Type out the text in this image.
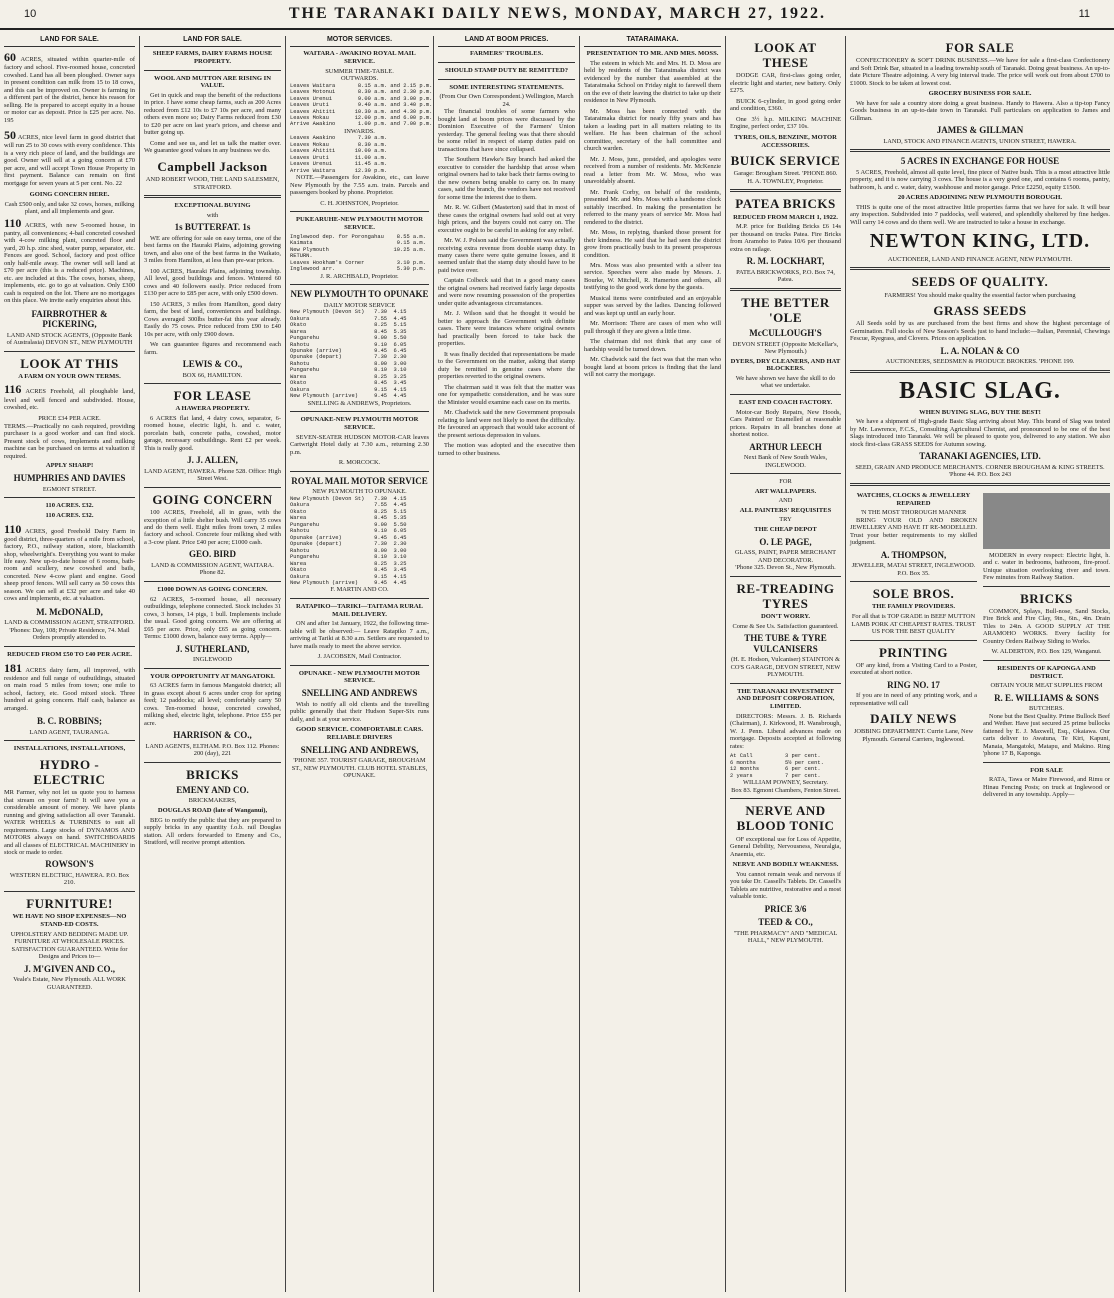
10	THE TARANAKI DAILY NEWS, MONDAY, MARCH 27, 1922.	11
LAND FOR SALE.
60 ACRES, situated within quarter-mile of factory and school. Five-roomed house, concreted cowshed. Land has all been ploughed. Owner says in present condition can milk from 15 to 18 cows, and this can be improved on. Owner is farming in a different part of the district, hence his reason for selling. He is prepared to accept equity in a house or motor car as deposit. Price is £25 per acre. No. 195
50 ACRES, nice level farm in good district that will run 25 to 30 cows with every confidence. This is a very rich piece of land, and the buildings are good. Owner will sell at a going concern at £70 per acre, and will accept Town House Property in first payment. Balance can remain on first mortgage for seven years at 5 per cent. No. 22
GOING CONCERN HERE.
Cash £500 only, and take 32 cows, horses, milking plant, and all implements and gear.
110 ACRES, with new 5-roomed house, in pantry, all conveniences; 4-bail concreted cowshed with 4-cow milking plant, concreted floor and yard, 20 h.p. zinc shed, water pump, separator, etc. Fences are good. School, factory and post office only half-mile away. The owner will sell land at £70 per acre (this is a reduced price). Machines, etc. are included at this. The cows, horses, sheep, implements, etc. go to go at valuation. Only £300 cash is required on the lot. There are no mortgages on this place. We invite early enquiries about this.
FAIRBROTHER & PICKERING,
LAND AND STOCK AGENTS, (Opposite Bank of Australasia) DEVON ST., NEW PLYMOUTH
LOOK AT THIS
A FARM ON YOUR OWN TERMS.
116 ACRES Freehold, all ploughable land, level and well fenced and subdivided. House, cowshed, etc.
PRICE £34 PER ACRE.
TERMS.—Practically no cash required, providing purchaser is a good worker and can find stock. Present stock of cows, implements and milking machine can be purchased on terms at valuation if required.
APPLY SHARP!
HUMPHRIES AND DAVIES
EGMONT STREET.
110 ACRES. £32.
110 ACRES. £32.
110 ACRES, good Freehold Dairy Farm in good district, three-quarters of a mile from school, factory, P.O., railway station, store, blacksmith shop, wheelwright's. Everything you want to make life easy. New up-to-date house of 6 rooms, bath-room and scullery, new cowshed and bails, concreted. New 4-cow plant and engine. Good sheep proof fences. Will sell carry as 50 cows this season. We can sell at £32 per acre and take 40 cows and implements, etc. at valuation.
M. McDONALD,
LAND & COMMISSION AGENT, STRATFORD.
'Phones: Day, 108; Private Residence, 74. Mail Orders promptly attended to.
REDUCED FROM £50 TO £40 PER ACRE.
181 ACRES dairy farm, all improved, with residence and full range of outbuildings, situated on main road 5 miles from town; one mile to school, factory, etc. Good mixed stock. Three hundred at going concern. Half cash, balance as arranged.
B. C. ROBBINS;
LAND AGENT, TAURANGA.
INSTALLATIONS, INSTALLATIONS,
HYDRO - ELECTRIC
MR Farmer, why not let us quote you to harness that stream on your farm? It will save you a considerable amount of money. We have plants running and giving satisfaction all over Taranaki. WATER WHEELS & TURBINES to suit all requirements. Large stocks of DYNAMOS AND MOTORS always on hand. SWITCHBOARDS and all classes of ELECTRICAL MACHINERY in stock or made to order.
ROWSON'S
WESTERN ELECTRIC, HAWERA. P.O. Box 210.
FURNITURE!
WE HAVE NO SHOP EXPENSES—NO STAND-ED COSTS.
UPHOLSTERY AND BEDDING MADE UP. FURNITURE AT WHOLESALE PRICES. SATISFACTION GUARANTEED. Write for Designs and Prices to—
J. M'GIVEN AND CO.,
Veale's Estate, New Plymouth. ALL WORK GUARANTEED.
LAND FOR SALE.
SHEEP FARMS, DAIRY FARMS HOUSE PROPERTY.
WOOL AND MUTTON ARE RISING IN VALUE.
Get in quick and reap the benefit of the reductions in price. I have some cheap farms, such as 200 Acres reduced from £12 10s to £7 10s per acre, and many others even more so; Dairy Farms reduced from £30 to £20 per acre on last year's prices, and cheese and butter going up.
Come and see us, and let us talk the matter over. We guarantee good values in any business we do.
Campbell Jackson
AND ROBERT WOOD, THE LAND SALESMEN, STRATFORD.
EXCEPTIONAL BUYING
with
1s BUTTERFAT. 1s
WE are offering for sale on easy terms, one of the best farms on the Hauraki Plains, adjoining growing town, and also one of the best farms in the Waikato, 3 miles from Hamilton, at less than pre-war prices.
100 ACRES, Hauraki Plains, adjoining township. All level, good buildings and fences. Wintered 60 cows and 40 followers easily. Price reduced from £130 per acre to £85 per acre, with only £500 down.
150 ACRES, 3 miles from Hamilton, good dairy farm, the best of land, conveniences and buildings. Cows averaged 300lbs butter-fat this year already. Easily do 75 cows. Price reduced from £90 to £40 10s per acre, with only £900 down.
We can guarantee figures and recommend each farm.
LEWIS & CO.,
BOX 66, HAMILTON.
FOR LEASE
A HAWERA PROPERTY.
6 ACRES flat land, 4 dairy cows, separator, 6-roomed house, electric light, h. and c. water, porcelain bath, concrete paths, cowshed, motor garage, necessary outbuildings. Rent £2 per week. This is really good.
J. J. ALLEN,
LAND AGENT, HAWERA. Phone 528. Office: High Street West.
GOING CONCERN
100 ACRES, Freehold, all in grass, with the exception of a little shelter bush. Will carry 35 cows and do them well. Eight miles from town, 2 miles factory and school. Concrete four milking shed with a 3-cow plant. Price £40 per acre; £1000 cash.
GEO. BIRD
LAND & COMMISSION AGENT, WAITARA. Phone 82.
£1000 DOWN AS GOING CONCERN.
62 ACRES, 5-roomed house, all necessary outbuildings, telephone connected. Stock includes 31 cows, 3 horses, 14 pigs, 1 bull. Implements include the usual. Good going concern. We are offering at £65 per acre. Price, only £65 as going concern. Terms: £1000 down, balance easy terms. Apply—
J. SUTHERLAND,
INGLEWOOD
YOUR OPPORTUNITY AT MANGATOKI.
63 ACRES farm in famous Mangatoki district; all in grass except about 6 acres under crop for spring feed; 12 paddocks; all level; comfortably carry 50 cows. Ten-roomed house, concreted cowshed, milking shed, electric light, telephone. Price £55 per acre.
HARRISON & CO.,
LAND AGENTS, ELTHAM. P.O. Box 112. Phones: 200 (day), 221
BRICKS
EMENY AND CO.
BRICKMAKERS,
DOUGLAS ROAD (late of Wanganui),
BEG to notify the public that they are prepared to supply bricks in any quantity f.o.b. rail Douglas station. All orders forwarded to Emeny and Co., Stratford, will receive prompt attention.
MOTOR SERVICES.
WAITARA - AWAKINO ROYAL MAIL SERVICE.
SUMMER TIME-TABLE.
OUTWARDS.
Leaves Waitara       8.15 a.m. and 2.15 p.m.
Leaves Motonui       8.30 a.m. and 2.30 p.m.
Leaves Urenui        9.00 a.m. and 3.00 p.m.
Leaves Uruti         9.40 a.m. and 3.40 p.m.
Leaves Ahititi      10.30 a.m. and 4.30 p.m.
Leaves Mokau        12.00 p.m. and 6.00 p.m.
Arrive Awakino       1.00 p.m. and 7.00 p.m.
INWARDS.
Leaves Awakino       7.30 a.m.
Leaves Mokau         8.30 a.m.
Leaves Ahititi      10.00 a.m.
Leaves Uruti        11.00 a.m.
Leaves Urenui       11.45 a.m.
Arrive Waitara      12.30 p.m.
NOTE.—Passengers for Awakino, etc., can leave New Plymouth by the 7.55 a.m. train. Parcels and passengers booked by phone. Proprietor.
C. H. JOHNSTON, Proprietor.
PUKEARUHE-NEW PLYMOUTH MOTOR SERVICE.
Inglewood dep. for Porongahau    8.55 a.m.
Kaimata                          9.15 a.m.
New Plymouth                    10.25 a.m.
RETURN.
Leaves Hookham's Corner          3.10 p.m.
Inglewood arr.                   5.30 p.m.
J. R. ARCHBALD, Proprietor.
NEW PLYMOUTH TO OPUNAKE
DAILY MOTOR SERVICE
New Plymouth (Devon St)   7.30  4.15
Oakura                    7.55  4.45
Okato                     8.25  5.15
Warea                     8.45  5.35
Pungarehu                 9.00  5.50
Rahotu                    9.10  6.05
Opunake (arrive)          9.45  6.45
Opunake (depart)          7.30  2.30
Rahotu                    8.00  3.00
Pungarehu                 8.10  3.10
Warea                     8.25  3.25
Okato                     8.45  3.45
Oakura                    9.15  4.15
New Plymouth (arrive)     9.45  4.45
SNELLING & ANDREWS, Proprietors.
OPUNAKE-NEW PLYMOUTH MOTOR SERVICE.
SEVEN-SEATER HUDSON MOTOR-CAR leaves Cartwright Hotel daily at 7.30 a.m., returning 2.30 p.m.
R. MORCOCK.
ROYAL MAIL MOTOR SERVICE
NEW PLYMOUTH TO OPUNAKE.
New Plymouth (Devon St)   7.30  4.15
Oakura                    7.55  4.45
Okato                     8.25  5.15
Warea                     8.45  5.35
Pungarehu                 9.00  5.50
Rahotu                    9.10  6.05
Opunake (arrive)          9.45  6.45
Opunake (depart)          7.30  2.30
Rahotu                    8.00  3.00
Pungarehu                 8.10  3.10
Warea                     8.25  3.25
Okato                     8.45  3.45
Oakura                    9.15  4.15
New Plymouth (arrive)     9.45  4.45
F. MARTIN AND CO.
RATAPIKO—TARIKI—TAITAMA RURAL MAIL DELIVERY.
ON and after 1st January, 1922, the following time-table will be observed:— Leave Ratapiko 7 a.m., arriving at Tariki at 8.30 a.m. Settlers are requested to have mails ready to meet the above service.
J. JACOBSEN, Mail Contractor.
OPUNAKE - NEW PLYMOUTH MOTOR SERVICE.
SNELLING AND ANDREWS
Wish to notify all old clients and the travelling public generally that their Hudson Super-Six runs daily, and is at your service.
GOOD SERVICE. COMFORTABLE CARS. RELIABLE DRIVERS
SNELLING AND ANDREWS,
'PHONE 357. TOURIST GARAGE, BROUGHAM ST., NEW PLYMOUTH. CLUB HOTEL STABLES, OPUNAKE.
LAND AT BOOM PRICES.
FARMERS' TROUBLES.
SHOULD STAMP DUTY BE REMITTED?
SOME INTERESTING STATEMENTS.
(From Our Own Correspondent.) Wellington, March 24.
The financial troubles of some farmers who bought land at boom prices were discussed by the Dominion Executive of the Farmers' Union yesterday. The general feeling was that there should be some relief in respect of stamp duties paid on transactions that have since collapsed.
The Southern Hawke's Bay branch had asked the executive to consider the hardship that arose when original owners had to take back their farms owing to the new owners being unable to carry on. In many cases, said the branch, the vendors have not received for some time the interest due to them.
Mr. R. W. Gilbert (Masterton) said that in most of these cases the original owners had sold out at very high prices, and the buyers could not carry on. The executive ought to be careful in asking for any relief.
Mr. W. J. Polson said the Government was actually receiving extra revenue from double stamp duty. In many cases there were quite genuine losses, and it seemed unfair that the stamp duty should have to be paid twice over.
Captain Colbeck said that in a good many cases the original owners had received fairly large deposits and were now resuming possession of the properties under quite advantageous circumstances.
Mr. J. Wilson said that he thought it would be better to approach the Government with definite cases. There were instances where original owners had practically been forced to take back the properties.
It was finally decided that representations be made to the Government on the matter, asking that stamp duty be remitted in genuine cases where the properties reverted to the original owners.
The chairman said it was felt that the matter was one for sympathetic consideration, and he was sure the Minister would examine each case on its merits.
Mr. Chadwick said the new Government proposals relating to land were not likely to meet the difficulty. He favoured an approach that would take account of the present serious depression in values.
The motion was adopted and the executive then turned to other business.
TATARAIMAKA.
PRESENTATION TO MR. AND MRS. MOSS.
The esteem in which Mr. and Mrs. H. D. Moss are held by residents of the Tataraimaka district was evidenced by the number that assembled at the Tataraimaka School on Friday night to farewell them on the eve of their leaving the district to take up their residence in New Plymouth.
Mr. Moss has been connected with the Tataraimaka district for nearly fifty years and has taken a leading part in all matters relating to its welfare. He has been chairman of the school committee, secretary of the hall committee and church warden.
Mr. J. Moss, junr., presided, and apologies were received from a number of residents. Mr. McKenzie read a letter from Mr. W. Moss, who was unavoidably absent.
Mr. Frank Corby, on behalf of the residents, presented Mr. and Mrs. Moss with a handsome clock suitably inscribed. In making the presentation he referred to the many years of service Mr. Moss had rendered to the district.
Mr. Moss, in replying, thanked those present for their kindness. He said that he had seen the district grow from practically bush to its present prosperous condition.
Mrs. Moss was also presented with a silver tea service. Speeches were also made by Messrs. J. Bourke, W. Mitchell, R. Hamerton and others, all testifying to the good work done by the guests.
Musical items were contributed and an enjoyable supper was served by the ladies. Dancing followed and was kept up until an early hour.
Mr. Morrison: There are cases of men who will pull through if they are given a little time.
The chairman did not think that any case of hardship would be turned down.
Mr. Chadwick said the fact was that the man who bought land at boom prices is finding that the land will not carry the mortgage.
LOOK AT THESE
DODGE CAR, first-class going order, electric light and starter, new battery. Only £275.
BUICK 6-cylinder, in good going order and condition, £360.
One 3½ h.p. MILKING MACHINE Engine, perfect order, £37 10s.
TYRES, OILS, BENZINE, MOTOR ACCESSORIES.
BUICK SERVICE
Garage: Brougham Street. 'PHONE 860.
H. A. TOWNLEY, Proprietor.
PATEA BRICKS
REDUCED FROM MARCH 1, 1922.
M.P. price for Building Bricks £6 14s per thousand on trucks Patea. Fire Bricks from Aramoho to Patea 10/6 per thousand extra on railage.
R. M. LOCKHART,
PATEA BRICKWORKS, P.O. Box 74, Patea.
THE BETTER 'OLE
McCULLOUGH'S
DEVON STREET (Opposite McKellar's, New Plymouth.)
DYERS, DRY CLEANERS, AND HAT BLOCKERS.
We have shown we have the skill to do what we undertake.
EAST END COACH FACTORY.
Motor-car Body Repairs, New Hoods, Cars Painted or Enamelled at reasonable prices. Repairs in all branches done at shortest notice.
ARTHUR LEECH
Next Bank of New South Wales, INGLEWOOD.
FOR
ART WALLPAPERS.
AND
ALL PAINTERS' REQUISITES
TRY
THE CHEAP DEPOT
O. LE PAGE,
GLASS, PAINT, PAPER MERCHANT AND DECORATOR.
'Phone 325. Devon St., New Plymouth.
RE-TREADING TYRES
DON'T WORRY.
Come & See Us. Satisfaction guaranteed.
THE TUBE & TYRE VULCANISERS
(H. E. Hodson, Vulcaniser) STAINTON & CO'S GARAGE, DEVON STREET, NEW PLYMOUTH.
THE TARANAKI INVESTMENT AND DEPOSIT CORPORATION, LIMITED.
DIRECTORS: Messrs. J. B. Richards (Chairman), J. Kirkwood, H. Wansbrough, W. J. Penn. Liberal advances made on mortgage. Deposits accepted at following rates:
At Call          3 per cent.
6 months         5½ per cent.
12 months        6 per cent.
2 years          7 per cent.
WILLIAM POWNEY, Secretary.
Box 83. Egmont Chambers, Fenton Street.
NERVE AND BLOOD TONIC
OF exceptional use for Loss of Appetite, General Debility, Nervousness, Neuralgia, Anaemia, etc.
NERVE AND BODILY WEAKNESS.
You cannot remain weak and nervous if you take Dr. Cassell's Tablets. Dr. Cassell's Tablets are nutritive, restorative and a most valuable tonic.
PRICE 3/6
TEED & CO.,
"THE PHARMACY" AND "MEDICAL HALL," NEW PLYMOUTH.
FOR SALE
CONFECTIONERY & SOFT DRINK BUSINESS.—We have for sale a first-class Confectionery and Soft Drink Bar, situated in a leading township south of Taranaki. Doing great business. An up-to-date Picture Theatre adjoining. A very big interval trade. The price will work out from about £700 to £1000. Stock to be taken at lowest cost.
GROCERY BUSINESS FOR SALE.
We have for sale a country store doing a great business. Handy to Hawera. Also a tip-top Fancy Goods business in an up-to-date town in Taranaki. Full particulars on application to James and Gillman.
JAMES & GILLMAN
LAND, STOCK AND FINANCE AGENTS, UNION STREET, HAWERA.
5 ACRES IN EXCHANGE FOR HOUSE
5 ACRES, Freehold, almost all quite level, fine piece of Native bush. This is a most attractive little property, and it is now carrying 3 cows. The house is a very good one, and contains 6 rooms, pantry, bathroom, h. and c. water, dairy, washhouse and motor garage. Price £2250, equity £1500.
20 ACRES ADJOINING NEW PLYMOUTH BOROUGH.
THIS is quite one of the most attractive little properties farms that we have for sale. It will bear any inspection. Subdivided into 7 paddocks, well watered, and splendidly sheltered by fine hedges. Will carry 14 cows and do them well. We are instructed to take a house in exchange.
NEWTON KING, LTD.
AUCTIONEER, LAND AND FINANCE AGENT, NEW PLYMOUTH.
SEEDS OF QUALITY.
FARMERS! You should make quality the essential factor when purchasing
GRASS SEEDS
All Seeds sold by us are purchased from the best firms and show the highest percentage of Germination. Full stocks of New Season's Seeds just to hand include:—Italian, Perennial, Chewings Fescue, Ryegrass, and Clovers. Prices on application.
L. A. NOLAN & CO
AUCTIONEERS, SEEDSMEN & PRODUCE BROKERS. 'PHONE 199.
BASIC SLAG.
WHEN BUYING SLAG, BUY THE BEST!
We have a shipment of High-grade Basic Slag arriving about May. This brand of Slag was tested by Mr. Lawrence, F.C.S., Consulting Agricultural Chemist, and pronounced to be one of the best Slags introduced into Taranaki. We will be pleased to quote you, delivered to any station. We also stock first-class GRASS SEEDS for Autumn sowing.
TARANAKI AGENCIES, LTD.
SEED, GRAIN AND PRODUCE MERCHANTS. CORNER BROUGHAM & KING STREETS. 'Phone 44. P.O. Box 243
WATCHES, CLOCKS & JEWELLERY REPAIRED
'N THE MOST THOROUGH MANNER
BRING YOUR OLD AND BROKEN JEWELLERY AND HAVE IT RE-MODELLED. Trust your better requirements to my skilled judgment.
A. THOMPSON,
JEWELLER, MATAI STREET, INGLEWOOD. P.O. Box 35.
SOLE BROS.
THE FAMILY PROVIDERS.
For all that is TOP GRADE in BEEF MUTTON LAMB PORK AT CHEAPEST RATES. TRUST US FOR THE BEST QUALITY
PRINTING
OF any kind, from a Visiting Card to a Poster, executed at short notice.
RING NO. 17
If you are in need of any printing work, and a representative will call
DAILY NEWS
JOBBING DEPARTMENT. Currie Lane, New Plymouth. General Carriers, Inglewood.
MODERN in every respect: Electric light, h. and c. water in bedrooms, bathroom, fire-proof. Unique situation overlooking river and town. Few minutes from Railway Station.
BRICKS
COMMON, Splays, Bull-nose, Sand Stocks, Fire Brick and Fire Clay, 9in., 6in., 4in. Drain Tiles to 24in. A GOOD SUPPLY AT THE ARAMOHO WORKS. Every facility for Country Orders Railway Siding to Works.
W. ALDERTON, P.O. Box 129, Wanganui.
RESIDENTS OF KAPONGA AND DISTRICT.
OBTAIN YOUR MEAT SUPPLIES FROM
R. E. WILLIAMS & SONS
BUTCHERS.
None but the Best Quality. Prime Bullock Beef and Wether. Have just secured 25 prime bullocks fattened by E. J. Maxwell, Esq., Okaiawa. Our carts deliver to Awatuna, Te Kiri, Kapuni, Manaia, Mangatoki, Matapu, and Makino. Ring 'phone 17 B, Kaponga.
FOR SALE
RATA, Tawa or Maire Firewood, and Rimu or Hinau Fencing Posts; on truck at Inglewood or delivered in any township. Apply—
